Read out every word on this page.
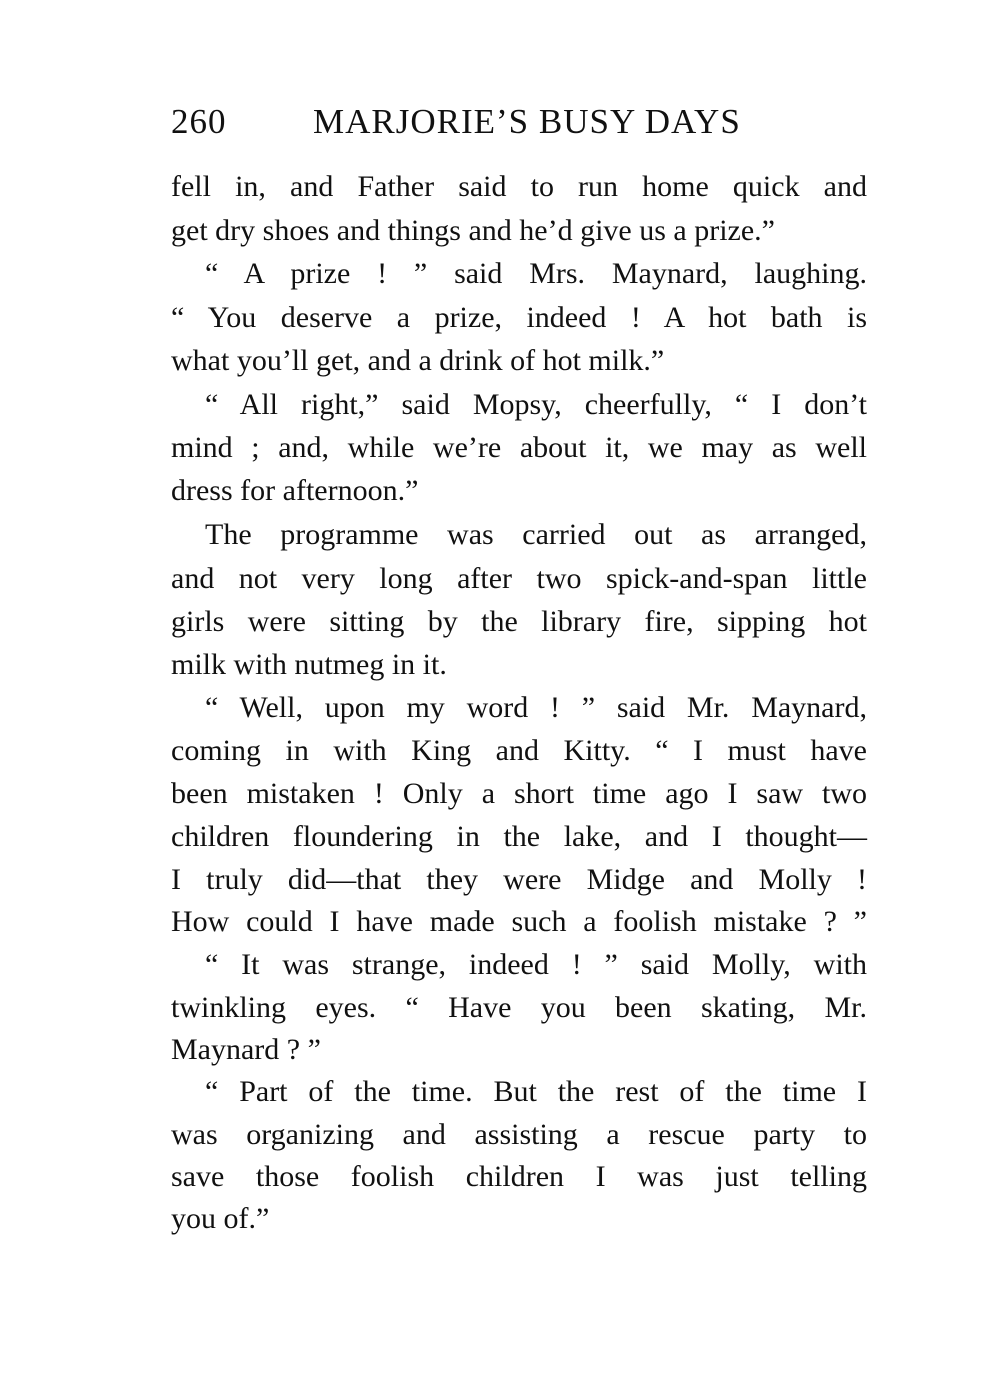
260 MARJORIE’S BUSY DAYS
fell in, and Father said to run home quick and
get dry shoes and things and he’d give us a prize.”
“ A prize ! ” said Mrs. Maynard, laughing.
“ You deserve a prize, indeed ! A hot bath is
what you’ll get, and a drink of hot milk.”
“ All right,” said Mopsy, cheerfully, “ I don’t
mind ; and, while we’re about it, we may as well
dress for afternoon.”
The programme was carried out as arranged,
and not very long after two spick-and-span little
girls were sitting by the library fire, sipping hot
milk with nutmeg in it.
“ Well, upon my word ! ” said Mr. Maynard,
coming in with King and Kitty. “ I must have
been mistaken ! Only a short time ago I saw two
children floundering in the lake, and I thought—
I truly did—that they were Midge and Molly !
How could I have made such a foolish mistake ? ”
“ It was strange, indeed ! ” said Molly, with
twinkling eyes. “ Have you been skating, Mr.
Maynard ? ”
“ Part of the time. But the rest of the time I
was organizing and assisting a rescue party to
save those foolish children I was just telling
you of.”
